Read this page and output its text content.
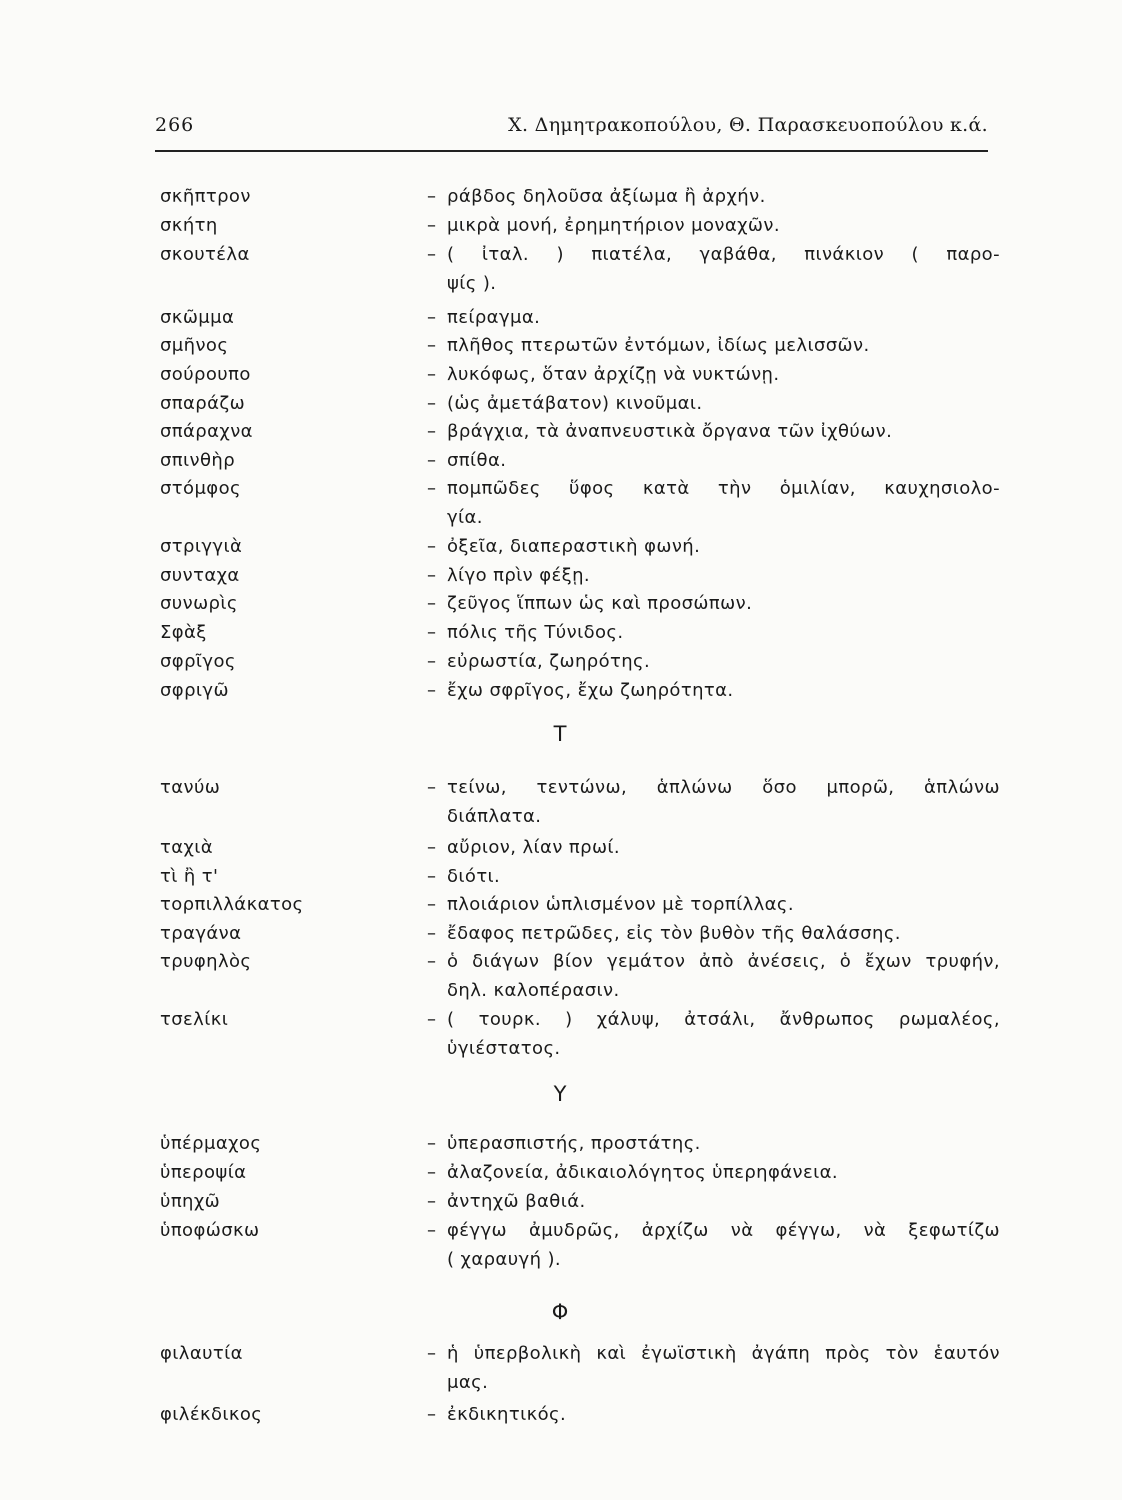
266	Χ. Δημητρακοπούλου, Θ. Παρασκευοπούλου κ.ά.
σκῆπτρον	– ράβδος δηλοῦσα ἀξίωμα ἢ ἀρχήν.
σκήτη	– μικρὰ μονή, ἐρημητήριον μοναχῶν.
σκουτέλα	– ( ἰταλ. ) πιατέλα, γαβάθα, πινάκιον ( παρο-
ψίς ).
σκῶμμα	– πείραγμα.
σμῆνος	– πλῆθος πτερωτῶν ἐντόμων, ἰδίως μελισσῶν.
σούρουπο	– λυκόφως, ὅταν ἀρχίζῃ νὰ νυκτώνῃ.
σπαράζω	– (ὡς ἀμετάβατον) κινοῦμαι.
σπάραχνα	– βράγχια, τὰ ἀναπνευστικὰ ὄργανα τῶν ἰχθύων.
σπινθὴρ	– σπίθα.
στόμφος	– πομπῶδες ὕφος κατὰ τὴν ὁμιλίαν, καυχησιολο-
γία.
στριγγιὰ	– ὀξεῖα, διαπεραστικὴ φωνή.
συνταχα	– λίγο πρὶν φέξῃ.
συνωρὶς	– ζεῦγος ἵππων ὡς καὶ προσώπων.
Σφὰξ	– πόλις τῆς Τύνιδος.
σφρῖγος	– εὐρωστία, ζωηρότης.
σφριγῶ	– ἔχω σφρῖγος, ἔχω ζωηρότητα.
τανύω	– τείνω, τεντώνω, ἁπλώνω ὅσο μπορῶ, ἁπλώνω
διάπλατα.
ταχιὰ	– αὔριον, λίαν πρωί.
τὶ ἢ τ'	– διότι.
τορπιλλάκατος	– πλοιάριον ὡπλισμένον μὲ τορπίλλας.
τραγάνα	– ἔδαφος πετρῶδες, εἰς τὸν βυθὸν τῆς θαλάσσης.
τρυφηλὸς	– ὁ διάγων βίον γεμάτον ἀπὸ ἀνέσεις, ὁ ἔχων τρυφήν,
δηλ. καλοπέρασιν.
τσελίκι	– ( τουρκ. ) χάλυψ, ἀτσάλι, ἄνθρωπος ρωμαλέος,
ὑγιέστατος.
ὑπέρμαχος	– ὑπερασπιστής, προστάτης.
ὑπεροψία	– ἀλαζονεία, ἀδικαιολόγητος ὑπερηφάνεια.
ὑπηχῶ	– ἀντηχῶ βαθιά.
ὑποφώσκω	– φέγγω ἀμυδρῶς, ἀρχίζω νὰ φέγγω, νὰ ξεφωτίζω
( χαραυγή ).
φιλαυτία	– ἡ ὑπερβολικὴ καὶ ἐγωϊστικὴ ἀγάπη πρὸς τὸν ἑαυτόν
μας.
φιλέκδικος	– ἐκδικητικός.
Τ
Υ
Φ
